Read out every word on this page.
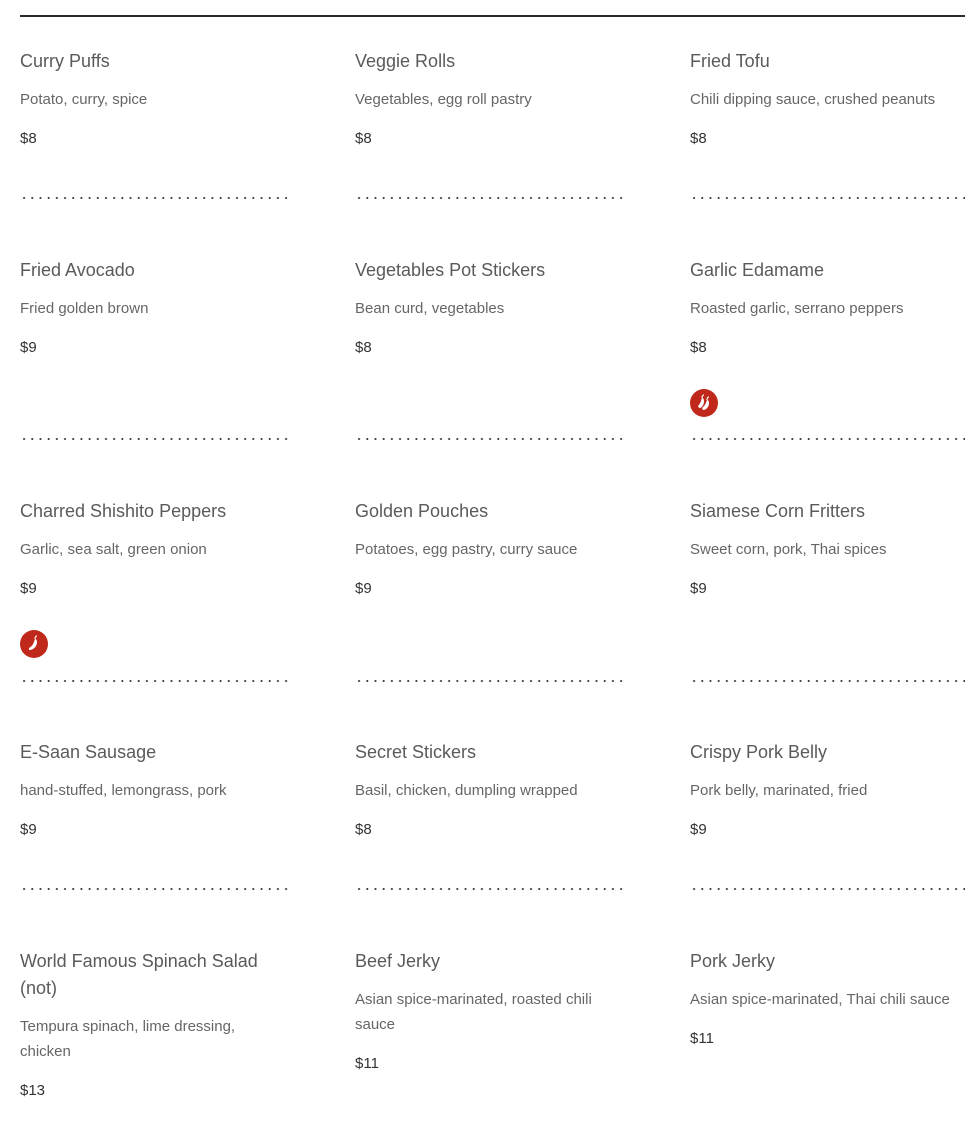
Curry Puffs

Potato, curry, spice

$8

Veggie Rolls

Vegetables, egg roll pastry

$8

Fried Tofu

Chili dipping sauce, crushed peanuts

$8

Fried Avocado

Fried golden brown

$9

Vegetables Pot Stickers

Bean curd, vegetables

$8

Garlic Edamame

Roasted garlic, serrano peppers

$8

Charred Shishito Peppers

Garlic, sea salt, green onion

$9

Golden Pouches

Potatoes, egg pastry, curry sauce

$9

Siamese Corn Fritters

Sweet corn, pork, Thai spices

$9

E-Saan Sausage

hand-stuffed, lemongrass, pork

$9

Secret Stickers

Basil, chicken, dumpling wrapped

$8

Crispy Pork Belly

Pork belly, marinated, fried

$9

World Famous Spinach Salad (not)

Tempura spinach, lime dressing, chicken

$13

Beef Jerky

Asian spice-marinated, roasted chili sauce

$11

Pork Jerky

Asian spice-marinated, Thai chili sauce

$11
